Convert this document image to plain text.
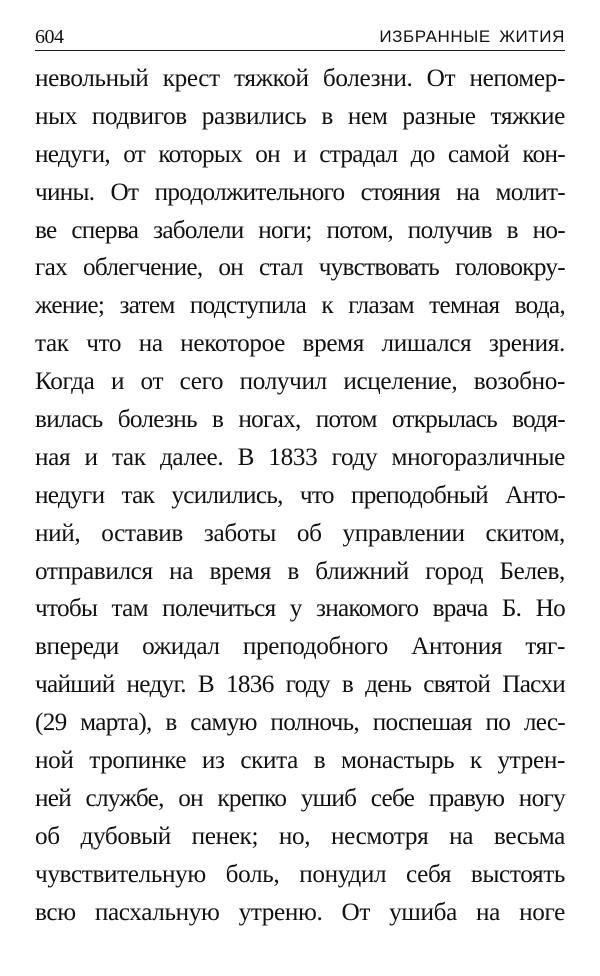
604	ИЗБРАННЫЕ ЖИТИЯ
невольный крест тяжкой болезни. От непомер-
ных подвигов развились в нем разные тяжкие
недуги, от которых он и страдал до самой кон-
чины. От продолжительного стояния на молит-
ве сперва заболели ноги; потом, получив в но-
гах облегчение, он стал чувствовать головокру-
жение; затем подступила к глазам темная вода,
так что на некоторое время лишался зрения.
Когда и от сего получил исцеление, возобно-
вилась болезнь в ногах, потом открылась водя-
ная и так далее. В 1833 году многоразличные
недуги так усилились, что преподобный Анто-
ний, оставив заботы об управлении скитом,
отправился на время в ближний город Белев,
чтобы там полечиться у знакомого врача Б. Но
впереди ожидал преподобного Антония тяг-
чайший недуг. В 1836 году в день святой Пасхи
(29 марта), в самую полночь, поспешая по лес-
ной тропинке из скита в монастырь к утрен-
ней службе, он крепко ушиб себе правую ногу
об дубовый пенек; но, несмотря на весьма
чувствительную боль, понудил себя выстоять
всю пасхальную утреню. От ушиба на ноге
